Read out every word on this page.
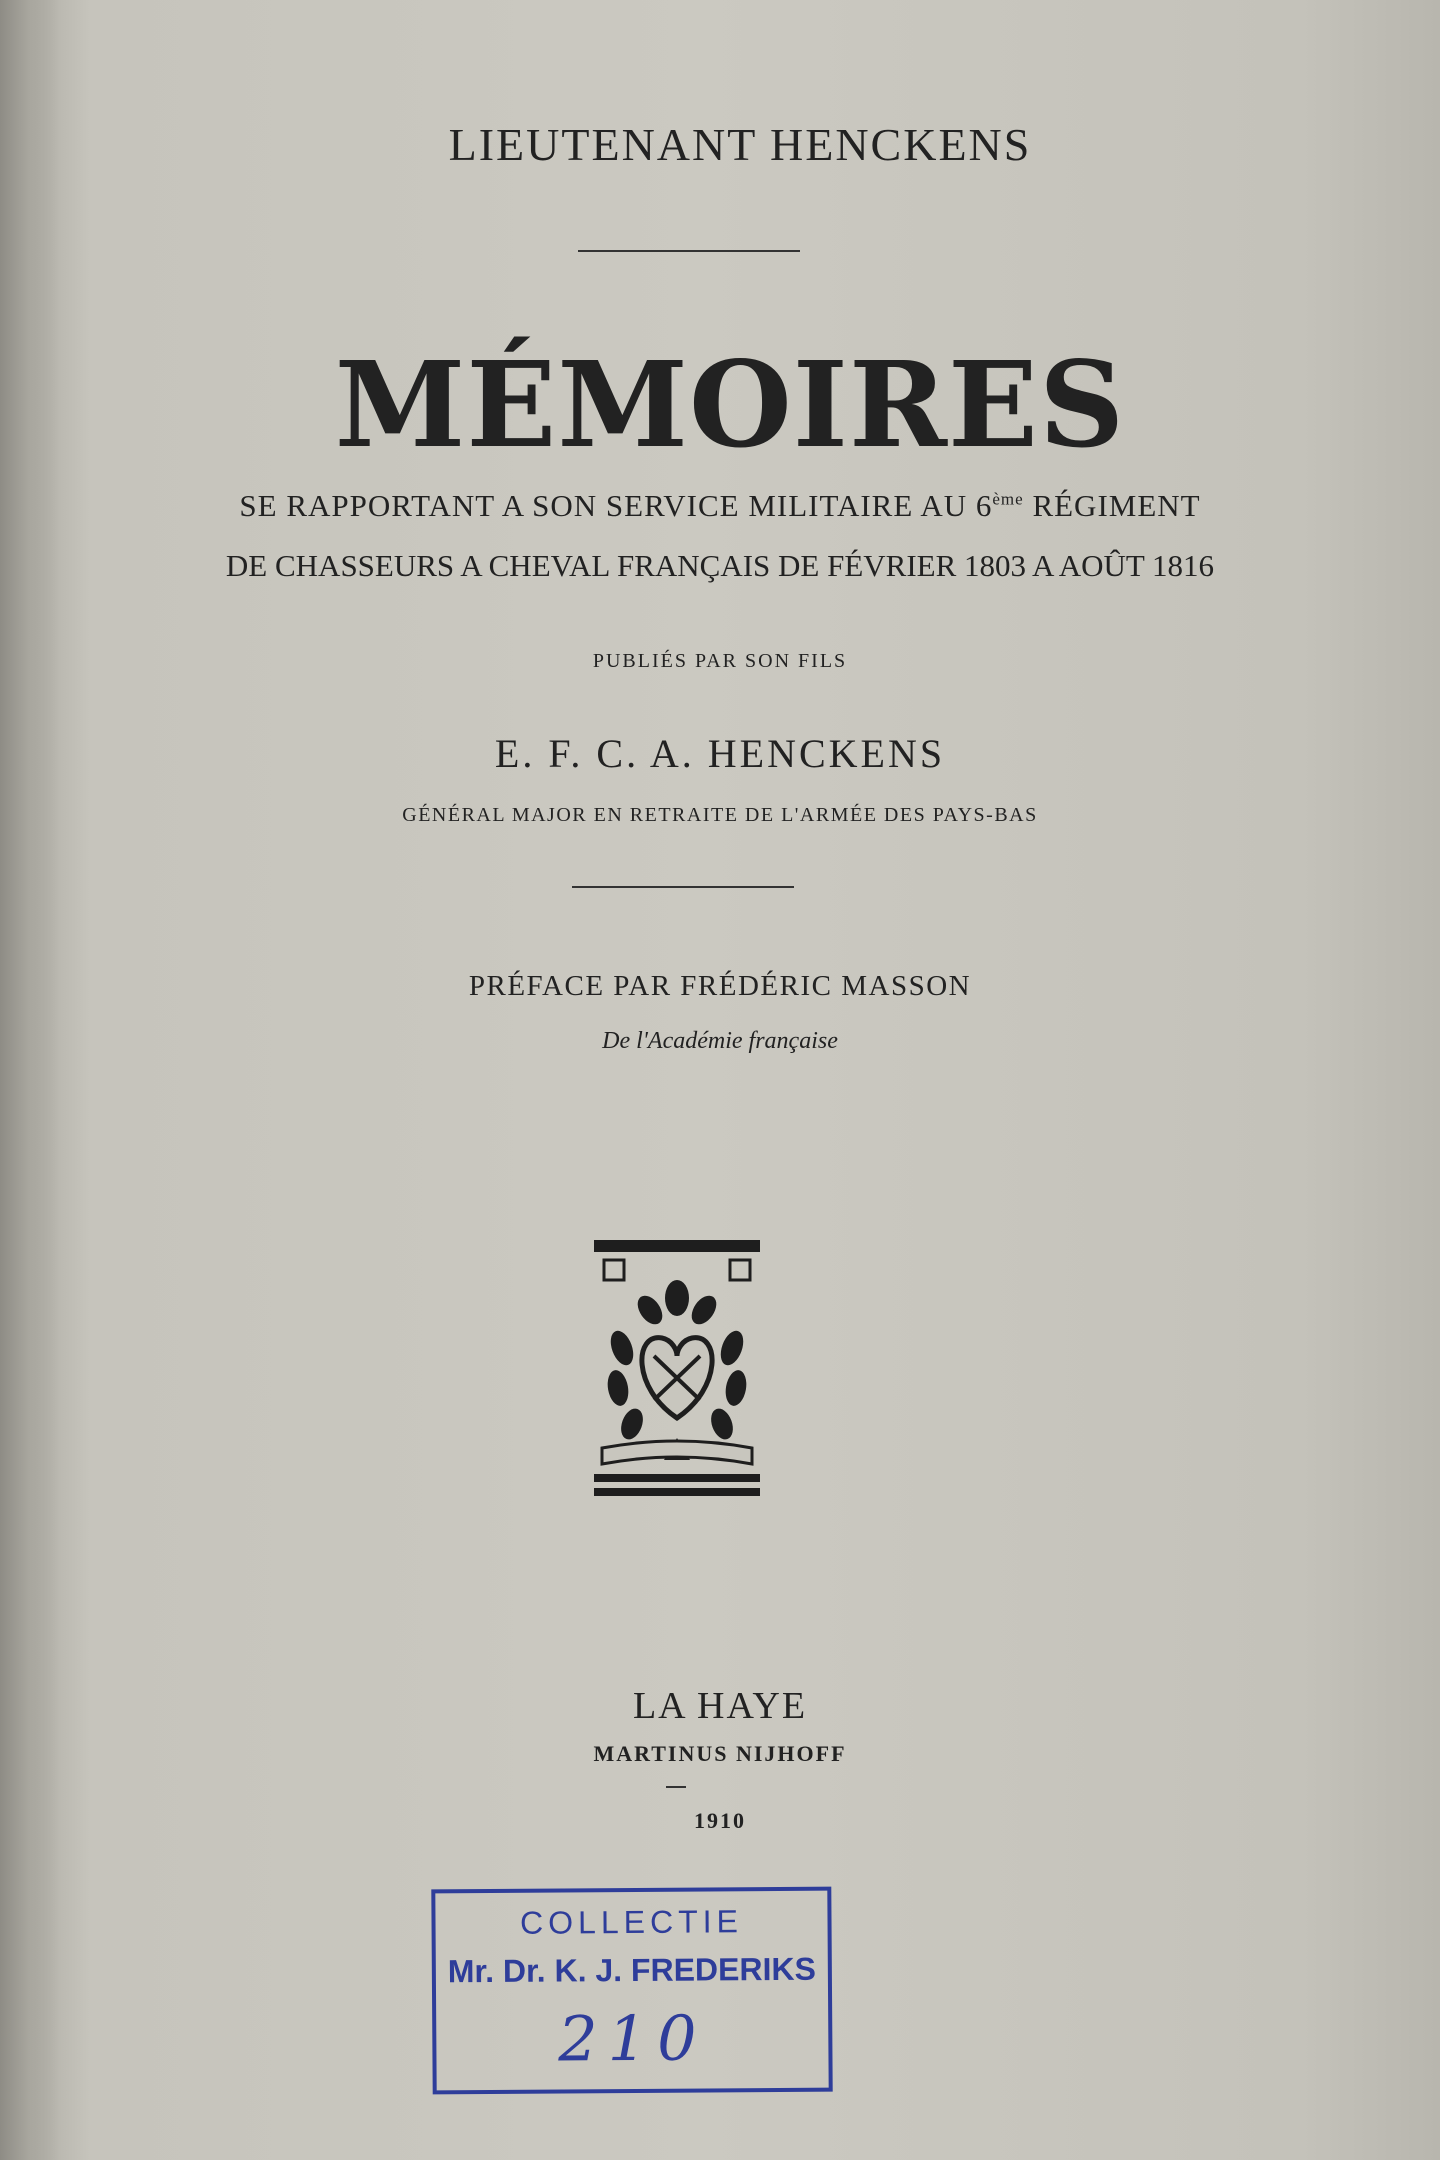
LIEUTENANT HENCKENS

MÉMOIRES

SE RAPPORTANT A SON SERVICE MILITAIRE AU 6ème RÉGIMENT

DE CHASSEURS A CHEVAL FRANÇAIS DE FÉVRIER 1803 A AOÛT 1816

PUBLIÉS PAR SON FILS

E. F. C. A. HENCKENS

GÉNÉRAL MAJOR EN RETRAITE DE L'ARMÉE DES PAYS-BAS

PRÉFACE PAR FRÉDÉRIC MASSON

De l'Académie française

LA HAYE

MARTINUS NIJHOFF

1910

COLLECTIE
Mr. Dr. K. J. FREDERIKS
210
